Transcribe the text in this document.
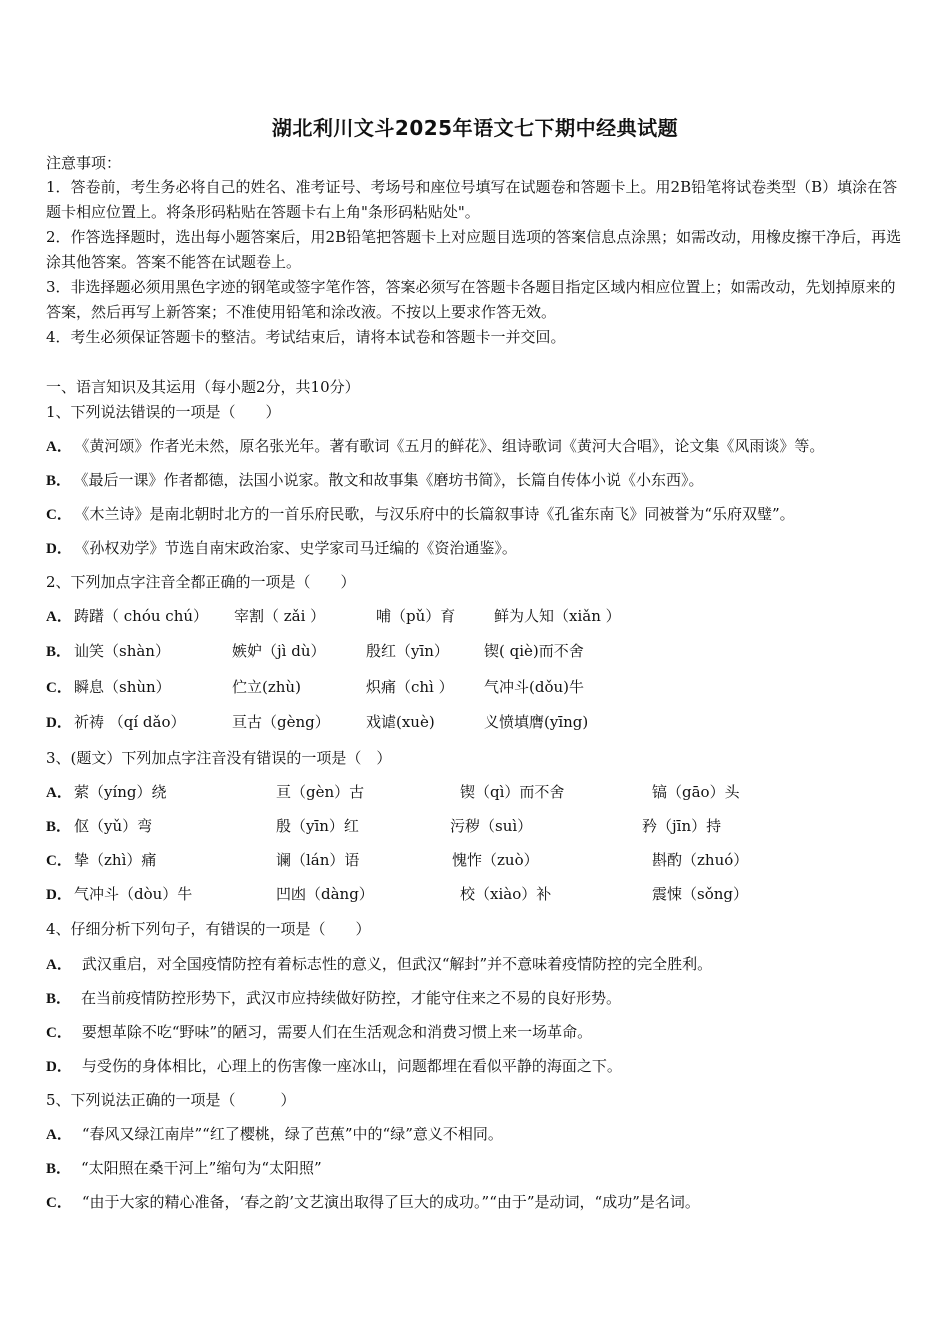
湖北利川文斗2025年语文七下期中经典试题
注意事项：
1．答卷前，考生务必将自己的姓名、准考证号、考场号和座位号填写在试题卷和答题卡上。用2B铅笔将试卷类型（B）填涂在答题卡相应位置上。将条形码粘贴在答题卡右上角"条形码粘贴处"。
2．作答选择题时，选出每小题答案后，用2B铅笔把答题卡上对应题目选项的答案信息点涂黑；如需改动，用橡皮擦干净后，再选涂其他答案。答案不能答在试题卷上。
3．非选择题必须用黑色字迹的钢笔或签字笔作答，答案必须写在答题卡各题目指定区域内相应位置上；如需改动，先划掉原来的答案，然后再写上新答案；不准使用铅笔和涂改液。不按以上要求作答无效。
4．考生必须保证答题卡的整洁。考试结束后，请将本试卷和答题卡一并交回。
一、语言知识及其运用（每小题2分，共10分）
1、下列说法错误的一项是（　　）
A． 《黄河颂》作者光未然，原名张光年。著有歌词《五月的鲜花》、组诗歌词《黄河大合唱》，论文集《风雨谈》等。
B． 《最后一课》作者都德，法国小说家。散文和故事集《磨坊书简》，长篇自传体小说《小东西》。
C． 《木兰诗》是南北朝时北方的一首乐府民歌，与汉乐府中的长篇叙事诗《孔雀东南飞》同被誉为“乐府双璧”。
D． 《孙权劝学》节选自南宋政治家、史学家司马迁编的《资治通鉴》。
2、下列加点字注音全都正确的一项是（　　）
A． 踌躇（ chóu chú） 宰割（ zǎi ）	哺（pǔ）育	鲜为人知（xiǎn ）
B． 讪笑（shàn）	嫉妒（jì dù）	殷红（yīn） 锲( qiè)而不舍
C． 瞬息（shùn）	伫立(zhù)	炽痛（chì ） 气冲斗(dǒu)牛
D． 祈祷 （qí dǎo）	亘古（gèng） 戏谑(xuè)	义愤填膺(yīng)
3、(题文）下列加点字注音没有错误的一项是（　）
A． 萦（yíng）绕	亘（gèn）古	锲（qì）而不舍	镐（gāo）头
B． 伛（yǔ）弯	殷（yīn）红	污秽（suì）	矜（jīn）持
C． 挚（zhì）痛	谰（lán）语	愧怍（zuò）	斟酌（zhuó）
D． 气冲斗（dòu）牛	凹凼（dàng）	校（xiào）补	震悚（sǒng）
4、仔细分析下列句子，有错误的一项是（　　）
A． 武汉重启，对全国疫情防控有着标志性的意义，但武汉“解封”并不意味着疫情防控的完全胜利。
B． 在当前疫情防控形势下，武汉市应持续做好防控，才能守住来之不易的良好形势。
C． 要想革除不吃“野味”的陋习，需要人们在生活观念和消费习惯上来一场革命。
D． 与受伤的身体相比，心理上的伤害像一座冰山，问题都埋在看似平静的海面之下。
5、下列说法正确的一项是（　　　）
A． “春风又绿江南岸”“红了樱桃，绿了芭蕉”中的“绿”意义不相同。
B． “太阳照在桑干河上”缩句为“太阳照”
C． “由于大家的精心准备，‘春之韵’文艺演出取得了巨大的成功。”“由于”是动词，“成功”是名词。
